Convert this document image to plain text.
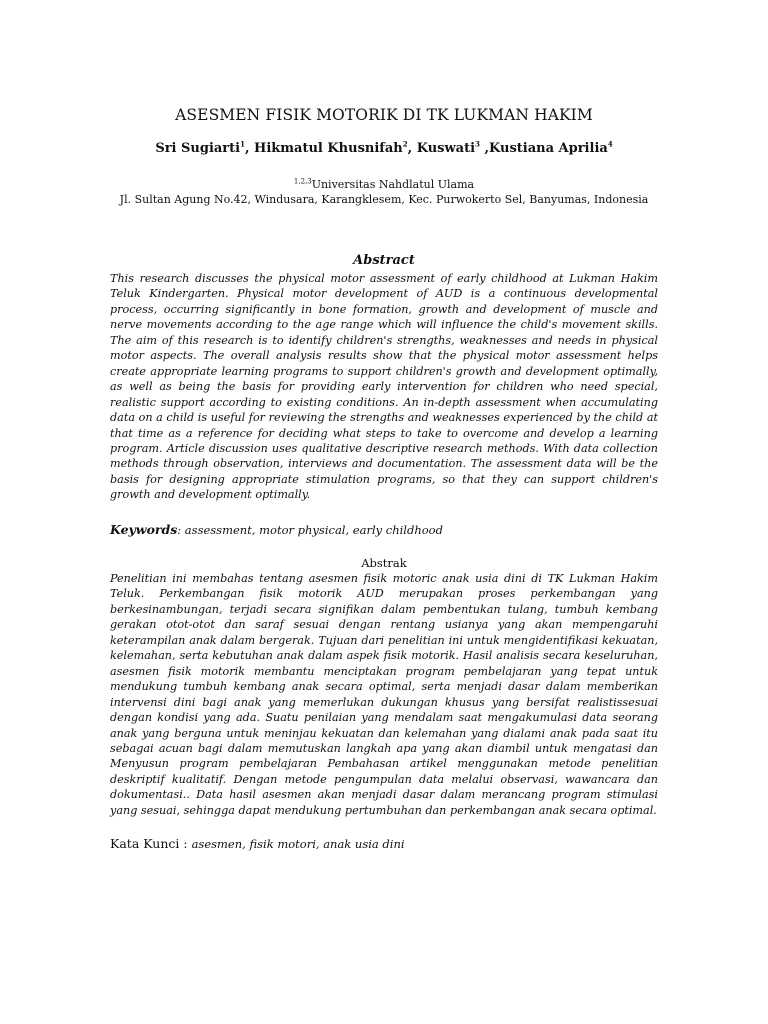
ASESMEN FISIK MOTORIK DI TK LUKMAN HAKIM
Sri Sugiarti$^1$, Hikmatul Khusnifah$^2$, Kuswati$^3$ ,Kustiana Aprilia$^4$
$^{1,2,3}$Universitas Nahdlatul Ulama
Jl. Sultan Agung No.42, Windusara, Karangklesem, Kec. Purwokerto Sel, Banyumas, Indonesia
Abstract
This research discusses the physical motor assessment of early childhood at Lukman Hakim Teluk Kindergarten. Physical motor development of AUD is a continuous developmental process, occurring significantly in bone formation, growth and development of muscle and nerve movements according to the age range which will influence the child's movement skills. The aim of this research is to identify children's strengths, weaknesses and needs in physical motor aspects. The overall analysis results show that the physical motor assessment helps create appropriate learning programs to support children's growth and development optimally, as well as being the basis for providing early intervention for children who need special, realistic support according to existing conditions. An in-depth assessment when accumulating data on a child is useful for reviewing the strengths and weaknesses experienced by the child at that time as a reference for deciding what steps to take to overcome and develop a learning program. Article discussion uses qualitative descriptive research methods. With data collection methods through observation, interviews and documentation. The assessment data will be the basis for designing appropriate stimulation programs, so that they can support children's growth and development optimally.
Keywords: assessment, motor physical, early childhood
Abstrak
Penelitian ini membahas tentang asesmen fisik motoric anak usia dini di TK Lukman Hakim Teluk. Perkembangan fisik motorik AUD merupakan proses perkembangan yang berkesinambungan, terjadi secara signifikan dalam pembentukan tulang, tumbuh kembang gerakan otot-otot dan saraf sesuai dengan rentang usianya yang akan mempengaruhi keterampilan anak dalam bergerak. Tujuan dari penelitian ini untuk mengidentifikasi kekuatan, kelemahan, serta kebutuhan anak dalam aspek fisik motorik. Hasil analisis secara keseluruhan, asesmen fisik motorik membantu menciptakan program pembelajaran yang tepat untuk mendukung tumbuh kembang anak secara optimal, serta menjadi dasar dalam memberikan intervensi dini bagi anak yang memerlukan dukungan khusus yang bersifat realistissesuai dengan kondisi yang ada. Suatu penilaian yang mendalam saat mengakumulasi data seorang anak yang berguna untuk meninjau kekuatan dan kelemahan yang dialami anak pada saat itu sebagai acuan bagi dalam memutuskan langkah apa yang akan diambil untuk mengatasi dan Menyusun program pembelajaran Pembahasan artikel menggunakan metode penelitian deskriptif kualitatif. Dengan metode pengumpulan data melalui observasi, wawancara dan dokumentasi.. Data hasil asesmen akan menjadi dasar dalam merancang program stimulasi yang sesuai, sehingga dapat mendukung pertumbuhan dan perkembangan anak secara optimal.
Kata Kunci : asesmen, fisik motori, anak usia dini
